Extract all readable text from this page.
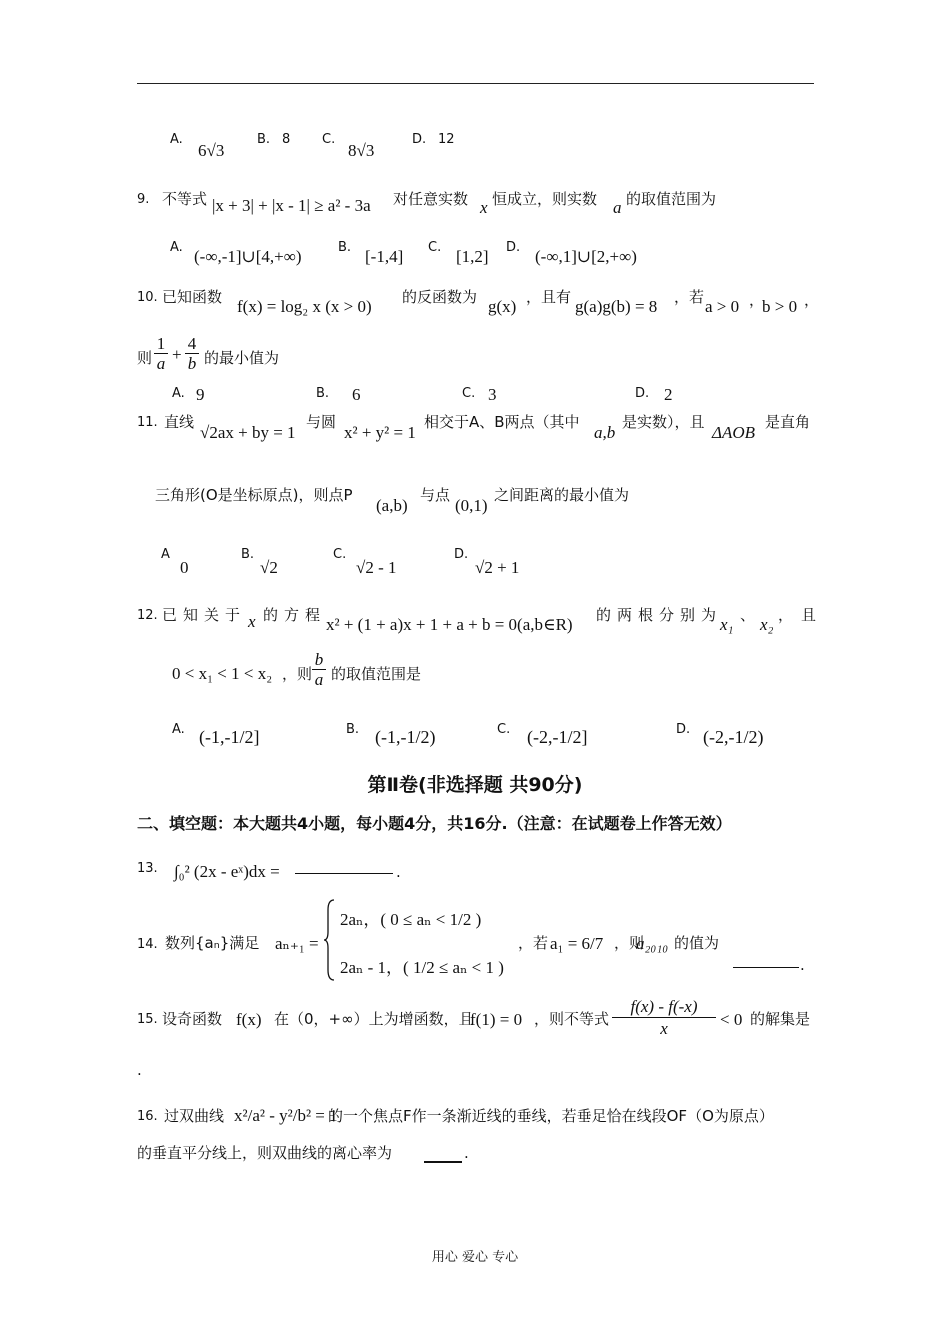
A.
6√3
B. 8 C.
8√3
D. 12
9. 不等式 |x + 3| + |x - 1| ≥ a² - 3a 对任意实数 x 恒成立，则实数 a 的取值范围为
A. (-∞,-1]∪[4,+∞)	B. [-1,4] C. [1,2] D. (-∞,1]∪[2,+∞)
10. 已知函数 f(x) = log₂ x (x > 0) 的反函数为 g(x) ，且有 g(a)g(b) = 8 ，若 a > 0 ，
b > 0 ，
则 $\frac{1}{a} + \frac{4}{b}$ 的最小值为
A. 9	B. 6	C. 3	D. 2
11. 直线
√2ax + by = 1
与圆
x² + y² = 1
相交于A、B两点（其中
a,b
是实数），且
ΔAOB
是直角
三角形(O是坐标原点)，则点P
(a,b)
与点
(0,1)
之间距离的最小值为
A
0
B.
√2
C.
√2 - 1
D.
√2 + 1
12. 已知关于 x 的方程 x² + (1 + a)x + 1 + a + b = 0(a,b∈R) 的两根分别为
x₁ 、 x₂ ，且
0 < x₁ < 1 < x₂ ，则 $\frac{b}{a}$ 的取值范围是
A. (-1,-1/2]	B. (-1,-1/2)	C. (-2,-1/2]	D. (-2,-1/2)
第Ⅱ卷(非选择题 共90分)
二、填空题：本大题共4小题，每小题4分，共16分.（注意：在试题卷上作答无效）
13. ∫₀² (2x - eˣ)dx =	.
14. 数列{aₙ}满足 aₙ₊₁ =
2aₙ，( 0 ≤ aₙ < 1/2 )
2aₙ - 1，( 1/2 ≤ aₙ < 1 )
，若 a₁ = 6/7 ，则
a₂₀₁₀ 的值为
.
15. 设奇函数 f(x) 在（0，+∞）上为增函数，且
f(1) = 0 ，则不等式 $\frac{f(x) - f(-x)}{x} < 0$ 的解集是
.
16. 过双曲线 x²/a² - y²/b² = 1
的一个焦点F作一条渐近线的垂线，若垂足恰在线段OF（O为原点）
的垂直平分线上，则双曲线的离心率为	.
用心 爱心 专心
